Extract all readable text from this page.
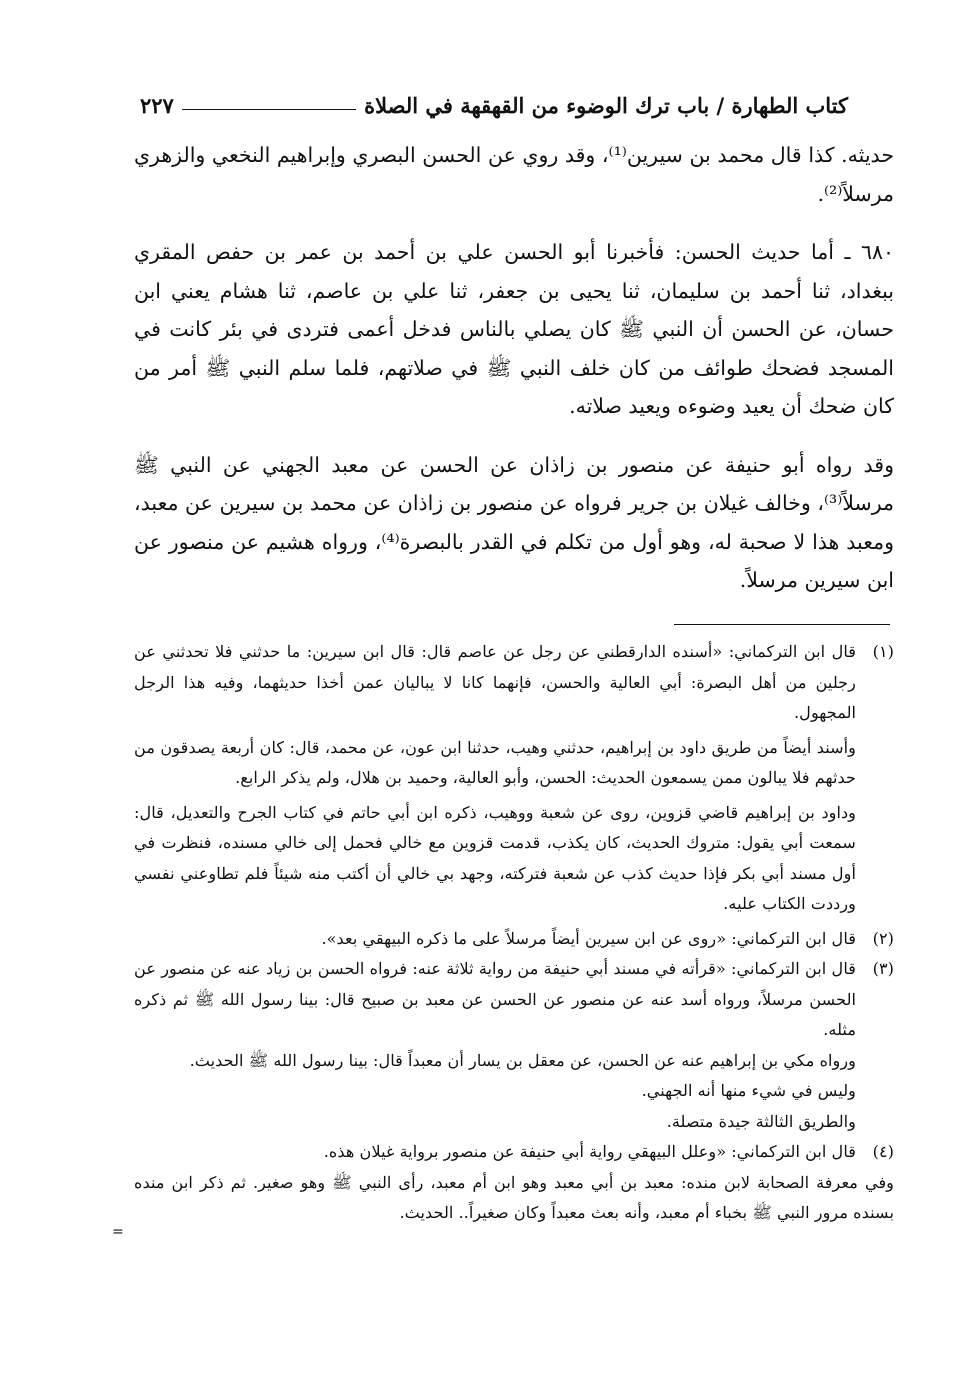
كتاب الطهارة / باب ترك الوضوء من القهقهة في الصلاة
٢٢٧

حديثه. كذا قال محمد بن سيرين⁽¹⁾، وقد روي عن الحسن البصري وإبراهيم النخعي والزهري مرسلاً⁽²⁾.

٦٨٠ ـ أما حديث الحسن: فأخبرنا أبو الحسن علي بن أحمد بن عمر بن حفص المقري ببغداد، ثنا أحمد بن سليمان، ثنا يحيى بن جعفر، ثنا علي بن عاصم، ثنا هشام يعني ابن حسان، عن الحسن أن النبي ﷺ كان يصلي بالناس فدخل أعمى فتردى في بئر كانت في المسجد فضحك طوائف من كان خلف النبي ﷺ في صلاتهم، فلما سلم النبي ﷺ أمر من كان ضحك أن يعيد وضوءه ويعيد صلاته.

وقد رواه أبو حنيفة عن منصور بن زاذان عن الحسن عن معبد الجهني عن النبي ﷺ مرسلاً⁽³⁾، وخالف غيلان بن جرير فرواه عن منصور بن زاذان عن محمد بن سيرين عن معبد، ومعبد هذا لا صحبة له، وهو أول من تكلم في القدر بالبصرة⁽⁴⁾، ورواه هشيم عن منصور عن ابن سيرين مرسلاً.

(١)
قال ابن التركماني: «أسنده الدارقطني عن رجل عن عاصم قال: قال ابن سيرين: ما حدثني فلا تحدثني عن رجلين من أهل البصرة: أبي العالية والحسن، فإنهما كانا لا يباليان عمن أخذا حديثهما، وفيه هذا الرجل المجهول.
وأسند أيضاً من طريق داود بن إبراهيم، حدثني وهيب، حدثنا ابن عون، عن محمد، قال: كان أربعة يصدقون من حدثهم فلا يبالون ممن يسمعون الحديث: الحسن، وأبو العالية، وحميد بن هلال، ولم يذكر الرابع.
وداود بن إبراهيم قاضي قزوين، روى عن شعبة ووهيب، ذكره ابن أبي حاتم في كتاب الجرح والتعديل، قال: سمعت أبي يقول: متروك الحديث، كان يكذب، قدمت قزوين مع خالي فحمل إلى خالي مسنده، فنظرت في أول مسند أبي بكر فإذا حديث كذب عن شعبة فتركته، وجهد بي خالي أن أكتب منه شيئاً فلم تطاوعني نفسي ورددت الكتاب عليه.
(٢)
قال ابن التركماني: «روى عن ابن سيرين أيضاً مرسلاً على ما ذكره البيهقي بعد».
(٣)
قال ابن التركماني: «قرأته في مسند أبي حنيفة من رواية ثلاثة عنه: فرواه الحسن بن زياد عنه عن منصور عن الحسن مرسلاً، ورواه أسد عنه عن منصور عن الحسن عن معبد بن صبيح قال: بينا رسول الله ﷺ ثم ذكره مثله.
ورواه مكي بن إبراهيم عنه عن الحسن، عن معقل بن يسار أن معبداً قال: بينا رسول الله ﷺ الحديث.
وليس في شيء منها أنه الجهني.
والطريق الثالثة جيدة متصلة.
(٤)
قال ابن التركماني: «وعلل البيهقي رواية أبي حنيفة عن منصور برواية غيلان هذه.
وفي معرفة الصحابة لابن منده: معبد بن أبي معبد وهو ابن أم معبد، رأى النبي ﷺ وهو صغير. ثم ذكر ابن منده بسنده مرور النبي ﷺ بخباء أم معبد، وأنه بعث معبداً وكان صغيراً.. الحديث.
=
